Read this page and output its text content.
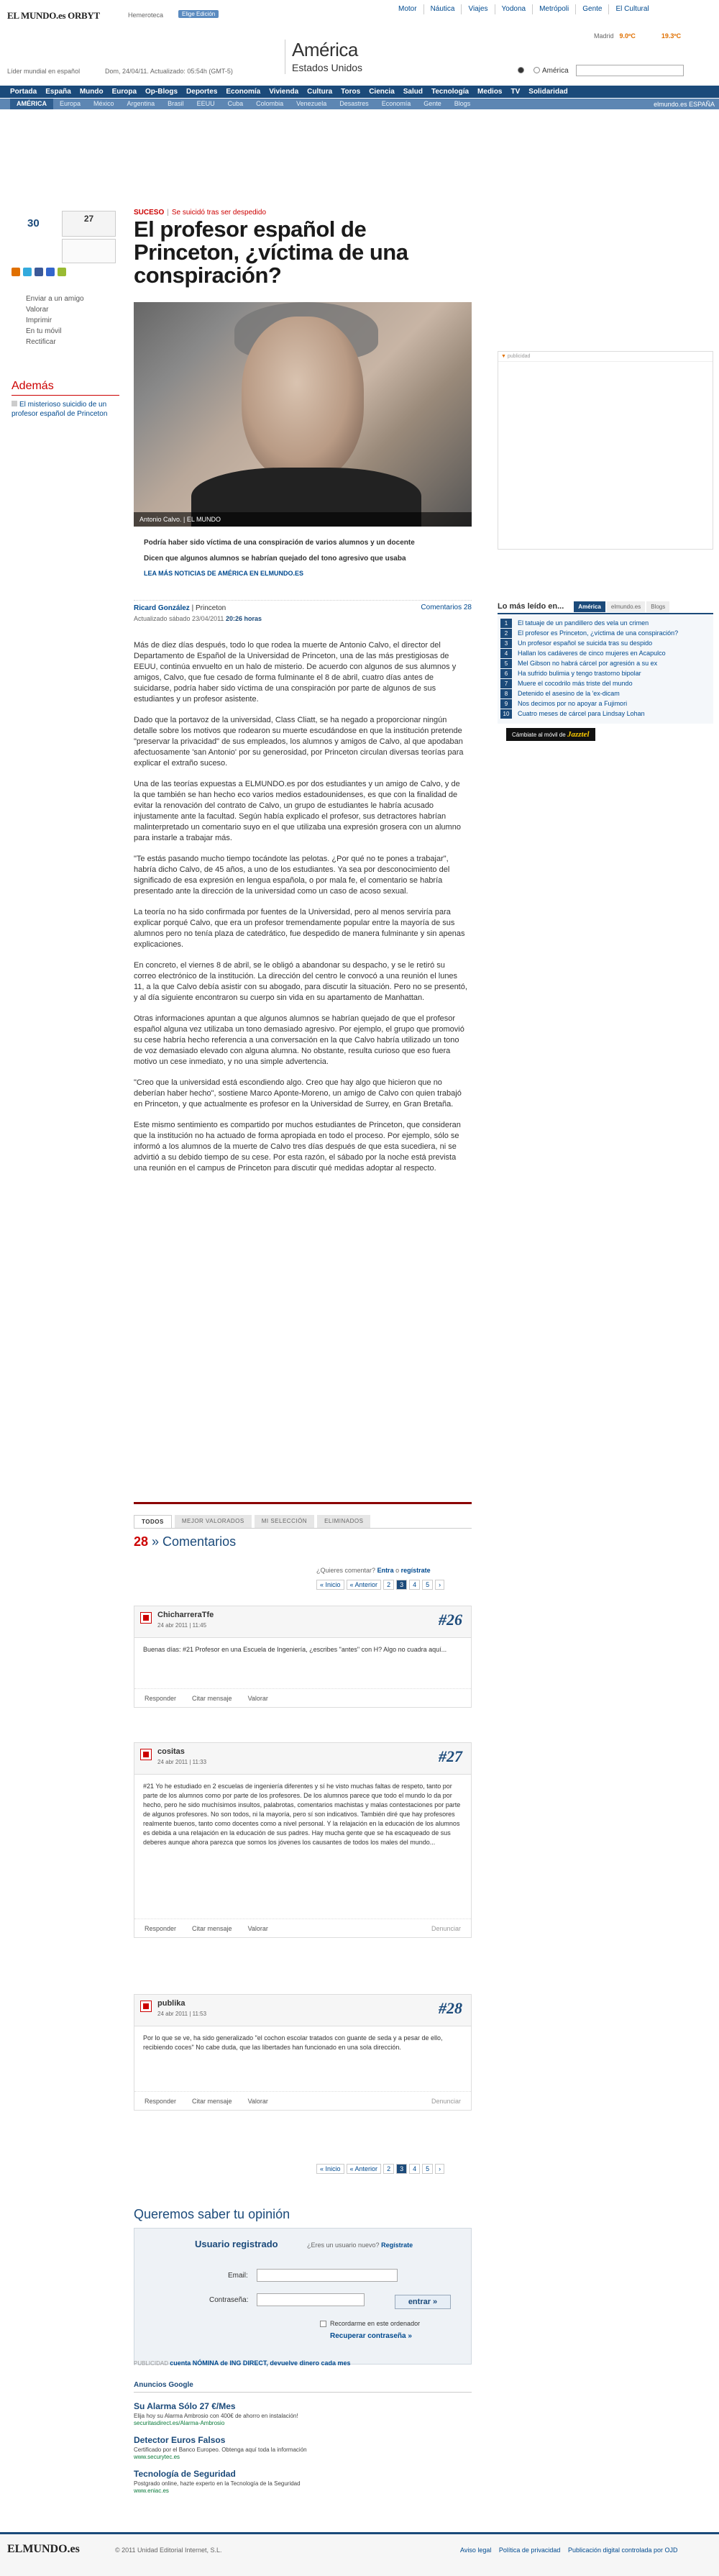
EL MUNDO.es ORBYT	Hemeroteca	Elige Edición
Motor	Náutica	Viajes	Yodona	Metrópoli	Gente	El Cultural
América
Estados Unidos
Líder mundial en español	Dom, 24/04/11. Actualizado: 05:54h (GMT-5)
Madrid 9.0ºC	19.3ºC
América
Portada	España	Mundo	Europa	Op-Blogs	Deportes	Economía	Vivienda	Cultura	Toros	Ciencia	Salud	Tecnología	Medios	TV	Solidaridad
AMÉRICA	Europa	México	Argentina	Brasil	EEUU	Cuba	Colombia	Venezuela	Desastres	Economía	Gente	Blogs	elmundo.es ESPAÑA
30	27
Enviar a un amigo
Valorar
Imprimir
En tu móvil
Rectificar
Además
El misterioso suicidio de un profesor español de Princeton
SUCESO | Se suicidó tras ser despedido
El profesor español de Princeton, ¿víctima de una conspiración?
Antonio Calvo. | EL MUNDO

Podría haber sido víctima de una conspiración de varios alumnos y un docente

Dicen que algunos alumnos se habrían quejado del tono agresivo que usaba

LEA MÁS NOTICIAS DE AMÉRICA EN ELMUNDO.ES
Ricard González | Princeton
Actualizado sábado 23/04/2011 20:26 horas
Comentarios 28

Más de diez días después, todo lo que rodea la muerte de Antonio Calvo, el director del Departamento de Español de la Universidad de Princeton, una de las más prestigiosas de EEUU, continúa envuelto en un halo de misterio. De acuerdo con algunos de sus alumnos y amigos, Calvo, que fue cesado de forma fulminante el 8 de abril, cuatro días antes de suicidarse, podría haber sido víctima de una conspiración por parte de algunos de sus estudiantes y un profesor asistente.

Dado que la portavoz de la universidad, Class Cliatt, se ha negado a proporcionar ningún detalle sobre los motivos que rodearon su muerte escudándose en que la institución pretende "preservar la privacidad" de sus empleados, los alumnos y amigos de Calvo, al que apodaban afectuosamente 'san Antonio' por su generosidad, por Princeton circulan diversas teorías para explicar el extraño suceso.

Una de las teorías expuestas a ELMUNDO.es por dos estudiantes y un amigo de Calvo, y de la que también se han hecho eco varios medios estadounidenses, es que con la finalidad de evitar la renovación del contrato de Calvo, un grupo de estudiantes le habría acusado injustamente ante la facultad. Según había explicado el profesor, sus detractores habrían malinterpretado un comentario suyo en el que utilizaba una expresión grosera con un alumno para instarle a trabajar más.

"Te estás pasando mucho tiempo tocándote las pelotas. ¿Por qué no te pones a trabajar", habría dicho Calvo, de 45 años, a uno de los estudiantes. Ya sea por desconocimiento del significado de esa expresión en lengua española, o por mala fe, el comentario se habría presentado ante la dirección de la universidad como un caso de acoso sexual.

La teoría no ha sido confirmada por fuentes de la Universidad, pero al menos serviría para explicar porqué Calvo, que era un profesor tremendamente popular entre la mayoría de sus alumnos pero no tenía plaza de catedrático, fue despedido de manera fulminante y sin apenas explicaciones.

En concreto, el viernes 8 de abril, se le obligó a abandonar su despacho, y se le retiró su correo electrónico de la institución. La dirección del centro le convocó a una reunión el lunes 11, a la que Calvo debía asistir con su abogado, para discutir la situación. Pero no se presentó, y al día siguiente encontraron su cuerpo sin vida en su apartamento de Manhattan.

Otras informaciones apuntan a que algunos alumnos se habrían quejado de que el profesor español alguna vez utilizaba un tono demasiado agresivo. Por ejemplo, el grupo que promovió su cese habría hecho referencia a una conversación en la que Calvo habría utilizado un tono de voz demasiado elevado con alguna alumna. No obstante, resulta curioso que eso fuera motivo un cese inmediato, y no una simple advertencia.

"Creo que la universidad está escondiendo algo. Creo que hay algo que hicieron que no deberían haber hecho", sostiene Marco Aponte-Moreno, un amigo de Calvo con quien trabajó en Princeton, y que actualmente es profesor en la Universidad de Surrey, en Gran Bretaña.

Este mismo sentimiento es compartido por muchos estudiantes de Princeton, que consideran que la institución no ha actuado de forma apropiada en todo el proceso. Por ejemplo, sólo se informó a los alumnos de la muerte de Calvo tres días después de que esta sucediera, ni se advirtió a su debido tiempo de su cese. Por esta razón, el sábado por la noche está prevista una reunión en el campus de Princeton para discutir qué medidas adoptar al respecto.

TODOS	MEJOR VALORADOS	MI SELECCIÓN	ELIMINADOS
28 » Comentarios
¿Quieres comentar? Entra o regístrate
« Inicio	« Anterior	2	3	4	5	›
ChicharreraTfe
24 abr 2011 | 11:45	#26
Buenas días: #21 Profesor en una Escuela de Ingeniería, ¿escribes "antes" con H? Algo no cuadra aquí...
Responder Citar mensaje Valorar
cositas
24 abr 2011 | 11:33	#27
#21 Yo he estudiado en 2 escuelas de ingeniería diferentes y sí he visto muchas faltas de respeto, tanto por parte de los alumnos como por parte de los profesores. De los alumnos parece que todo el mundo lo da por hecho, pero he sido muchísimos insultos, palabrotas, comentarios machistas y malas contestaciones por parte de algunos profesores. No son todos, ni la mayoría, pero sí son indicativos. También diré que hay profesores realmente buenos, tanto como docentes como a nivel personal. Y la relajación en la educación de los alumnos es debida a una relajación en la educación de sus padres. Hay mucha gente que se ha escaqueado de sus deberes aunque ahora parezca que somos los jóvenes los causantes de todos los males del mundo...
Responder Citar mensaje Valorar	Denunciar
publika
24 abr 2011 | 11:53	#28
Por lo que se ve, ha sido generalizado "el cochon escolar tratados con guante de seda y a pesar de ello, recibiendo coces" No cabe duda, que las libertades han funcionado en una sola dirección.
Responder Citar mensaje Valorar	Denunciar
« Inicio	« Anterior	2	3	4	5	›
Queremos saber tu opinión
Usuario registrado	¿Eres un usuario nuevo? Regístrate
Email:
Contraseña:	entrar »
Recordarme en este ordenador
Recuperar contraseña »
PUBLICIDAD cuenta NÓMINA de ING DIRECT, devuelve dinero cada mes
Anuncios Google
Su Alarma Sólo 27 €/Mes
Elija hoy su Alarma Ambrosio con 400€ de ahorro en instalación!
securitasdirect.es/Alarma-Ambrosio
Detector Euros Falsos
Certificado por el Banco Europeo. Obtenga aquí toda la información
www.securytec.es
Tecnología de Seguridad
Postgrado online, hazte experto en la Tecnología de la Seguridad
www.eniac.es
▼ publicidad
Lo más leído en...	América	elmundo.es	Blogs
1	El tatuaje de un pandillero des vela un crimen
2	El profesor es Princeton, ¿víctima de una conspiración?
3	Un profesor español se suicida tras su despido
4	Hallan los cadáveres de cinco mujeres en Acapulco
5	Mel Gibson no habrá cárcel por agresión a su ex
6	Ha sufrido bulimia y tengo trastorno bipolar
7	Muere el cocodrilo más triste del mundo
8	Detenido el asesino de la 'ex-dicam
9	Nos decimos por no apoyar a Fujimori
10	Cuatro meses de cárcel para Lindsay Lohan
Cámbiate al móvil de Jazztel
ELMUNDO.es	© 2011 Unidad Editorial Internet, S.L.	Aviso legal Política de privacidad Publicación digital controlada por OJD
